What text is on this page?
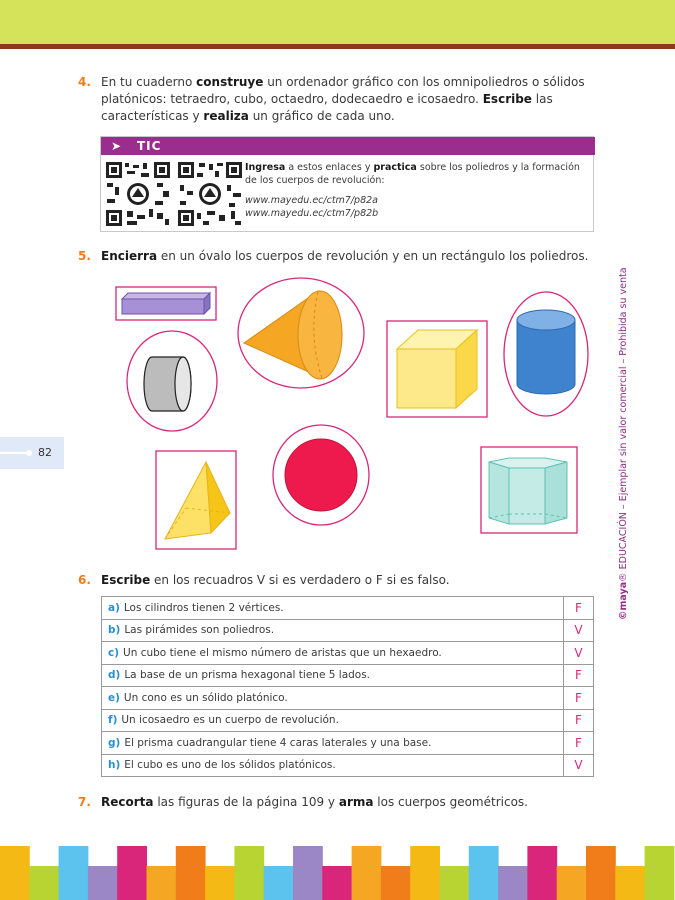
4. En tu cuaderno construye un ordenador gráfico con los omnipoliedros o sólidos platónicos: tetraedro, cubo, octaedro, dodecaedro e icosaedro. Escribe las características y realiza un gráfico de cada uno.
➤ TIC
Ingresa a estos enlaces y practica sobre los poliedros y la formación de los cuerpos de revolución:
www.mayedu.ec/ctm7/p82a
www.mayedu.ec/ctm7/p82b
5. Encierra en un óvalo los cuerpos de revolución y en un rectángulo los poliedros.
6. Escribe en los recuadros V si es verdadero o F si es falso.
a) Los cilindros tienen 2 vértices.	F
b) Las pirámides son poliedros.	V
c) Un cubo tiene el mismo número de aristas que un hexaedro.	V
d) La base de un prisma hexagonal tiene 5 lados.	F
e) Un cono es un sólido platónico.	F
f) Un icosaedro es un cuerpo de revolución.	F
g) El prisma cuadrangular tiene 4 caras laterales y una base.	F
h) El cubo es uno de los sólidos platónicos.	V
7. Recorta las figuras de la página 109 y arma los cuerpos geométricos.
82
©maya® EDUCACIÓN – Ejemplar sin valor comercial – Prohibida su venta
